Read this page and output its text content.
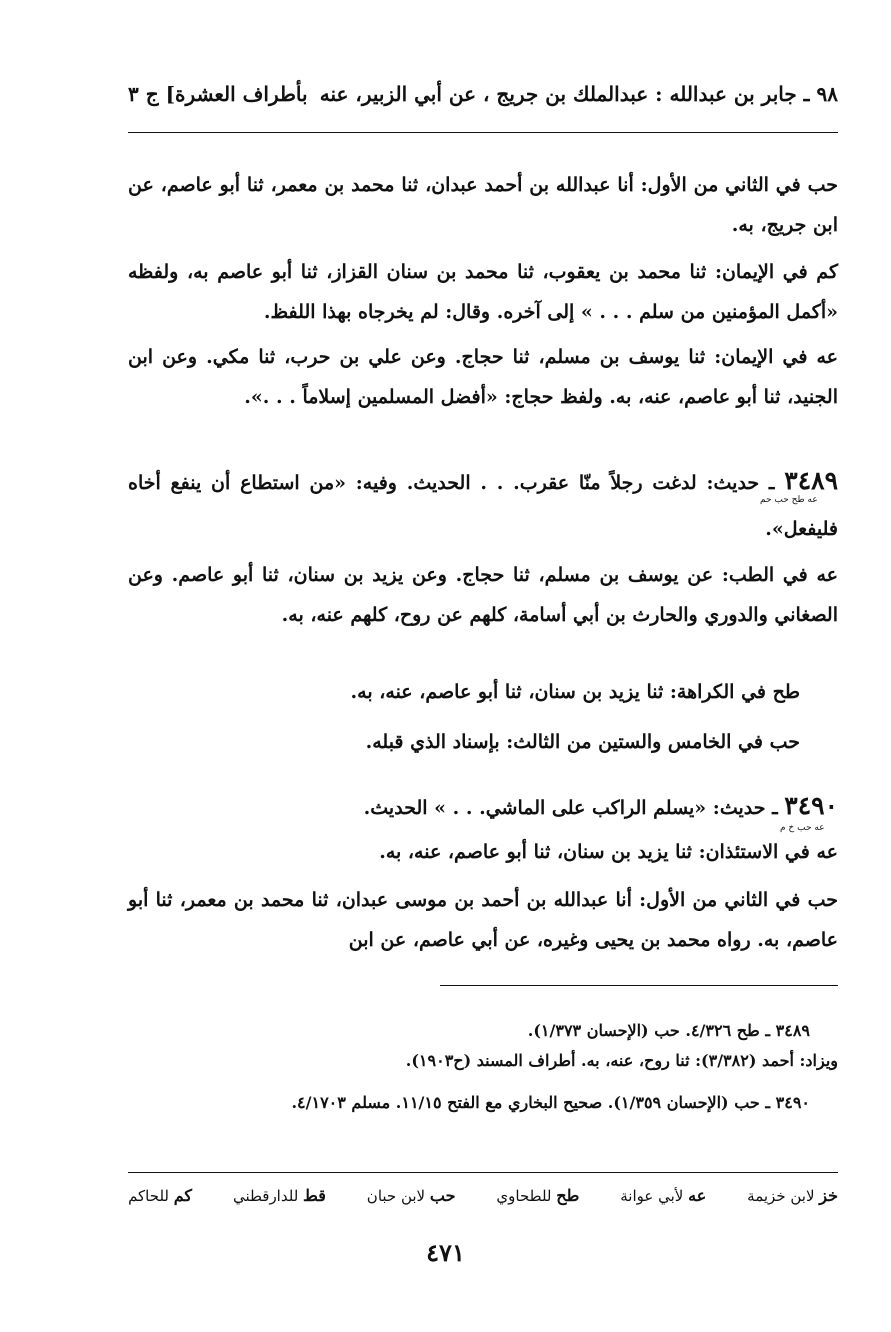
٩٨ ـ جابر بن عبدالله : عبدالملك بن جريج ، عن أبي الزبير، عنه
بأطراف العشرة] ج ٣

حب في الثاني من الأول: أنا عبدالله بن أحمد عبدان، ثنا محمد بن معمر، ثنا أبو عاصم، عن ابن جريج، به.

كم في الإيمان: ثنا محمد بن يعقوب، ثنا محمد بن سنان القزاز، ثنا أبو عاصم به، ولفظه «أكمل المؤمنين من سلم . . . » إلى آخره. وقال: لم يخرجاه بهذا اللفظ.

عه في الإيمان: ثنا يوسف بن مسلم، ثنا حجاج. وعن علي بن حرب، ثنا مكي. وعن ابن الجنيد، ثنا أبو عاصم، عنه، به. ولفظ حجاج: «أفضل المسلمين إسلاماً . . .».

٣٤٨٩ ـ حديث: لدغت رجلاً منّا عقرب. . . الحديث. وفيه: «من استطاع أن ينفع أخاه فليفعل».

عه طح حب حم

عه في الطب: عن يوسف بن مسلم، ثنا حجاج. وعن يزيد بن سنان، ثنا أبو عاصم. وعن الصغاني والدوري والحارث بن أبي أسامة، كلهم عن روح، كلهم عنه، به.

طح في الكراهة: ثنا يزيد بن سنان، ثنا أبو عاصم، عنه، به.

حب في الخامس والستين من الثالث: بإسناد الذي قبله.

٣٤٩٠ ـ حديث: «يسلم الراكب على الماشي. . . » الحديث.

عه حب خ م

عه في الاستئذان: ثنا يزيد بن سنان، ثنا أبو عاصم، عنه، به.

حب في الثاني من الأول: أنا عبدالله بن أحمد بن موسى عبدان، ثنا محمد بن معمر، ثنا أبو عاصم، به. رواه محمد بن يحيى وغيره، عن أبي عاصم، عن ابن

٣٤٨٩ ـ طح ٤/٣٢٦. حب (الإحسان ١/٣٧٣).

ويزاد: أحمد (٣/٣٨٢): ثنا روح، عنه، به. أطراف المسند (ح١٩٠٣).

٣٤٩٠ ـ حب (الإحسان ١/٣٥٩). صحيح البخاري مع الفتح ١١/١٥. مسلم ٤/١٧٠٣.

خز لابن خزيمة
عه لأبي عوانة
طح للطحاوي
حب لابن حبان
قط للدارقطني
كم للحاكم
٤٧١
